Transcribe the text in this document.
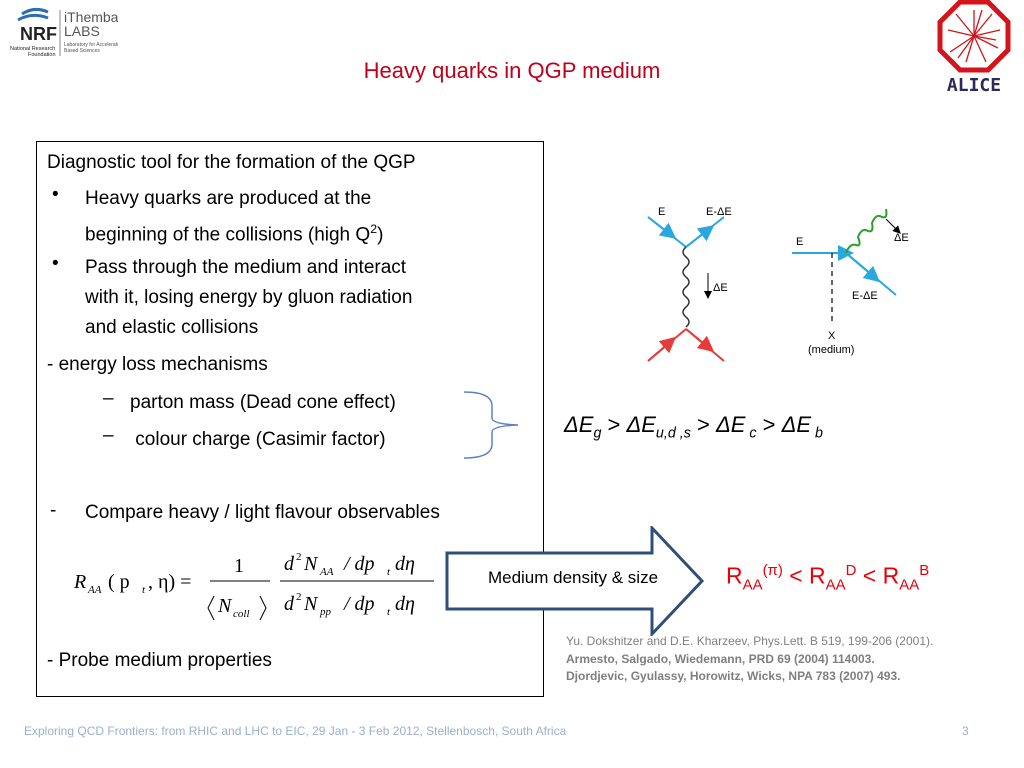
NRF
National Research
Foundation
iThemba
LABS
Laboratory for Accelerator
Based Sciences
ALICE
Heavy quarks in QGP medium
Diagnostic tool for the formation of the QGP
• Heavy quarks are produced at the
beginning of the collisions (high $Q^2$)
• Pass through the medium and interact
with it, losing energy by gluon radiation
and elastic collisions
- energy loss mechanisms
– parton mass (Dead cone effect)
– colour charge (Casimir factor)
- Compare heavy / light flavour observables
R AA ( p t , η) =
1
N coll
d 2 N AA / dp t dη
d 2 N pp / dp t dη
- Probe medium properties
E	E-ΔE
ΔE
E	ΔE
E-ΔE
X
(medium)
$\Delta E_g > \Delta E_{u,d ,s} > \Delta E$ $_c$ > ΔE $_b$
Medium density & size	$R_{AA}^{(\pi)} < R_{AA}^D < R_{AA}^B$
Yu. Dokshitzer and D.E. Kharzeev, Phys.Lett. B 519, 199-206 (2001).
Armesto, Salgado, Wiedemann, PRD 69 (2004) 114003.
Djordjevic, Gyulassy, Horowitz, Wicks, NPA 783 (2007) 493.
Exploring QCD Frontiers: from RHIC and LHC to EIC, 29 Jan - 3 Feb 2012, Stellenbosch, South Africa	3
